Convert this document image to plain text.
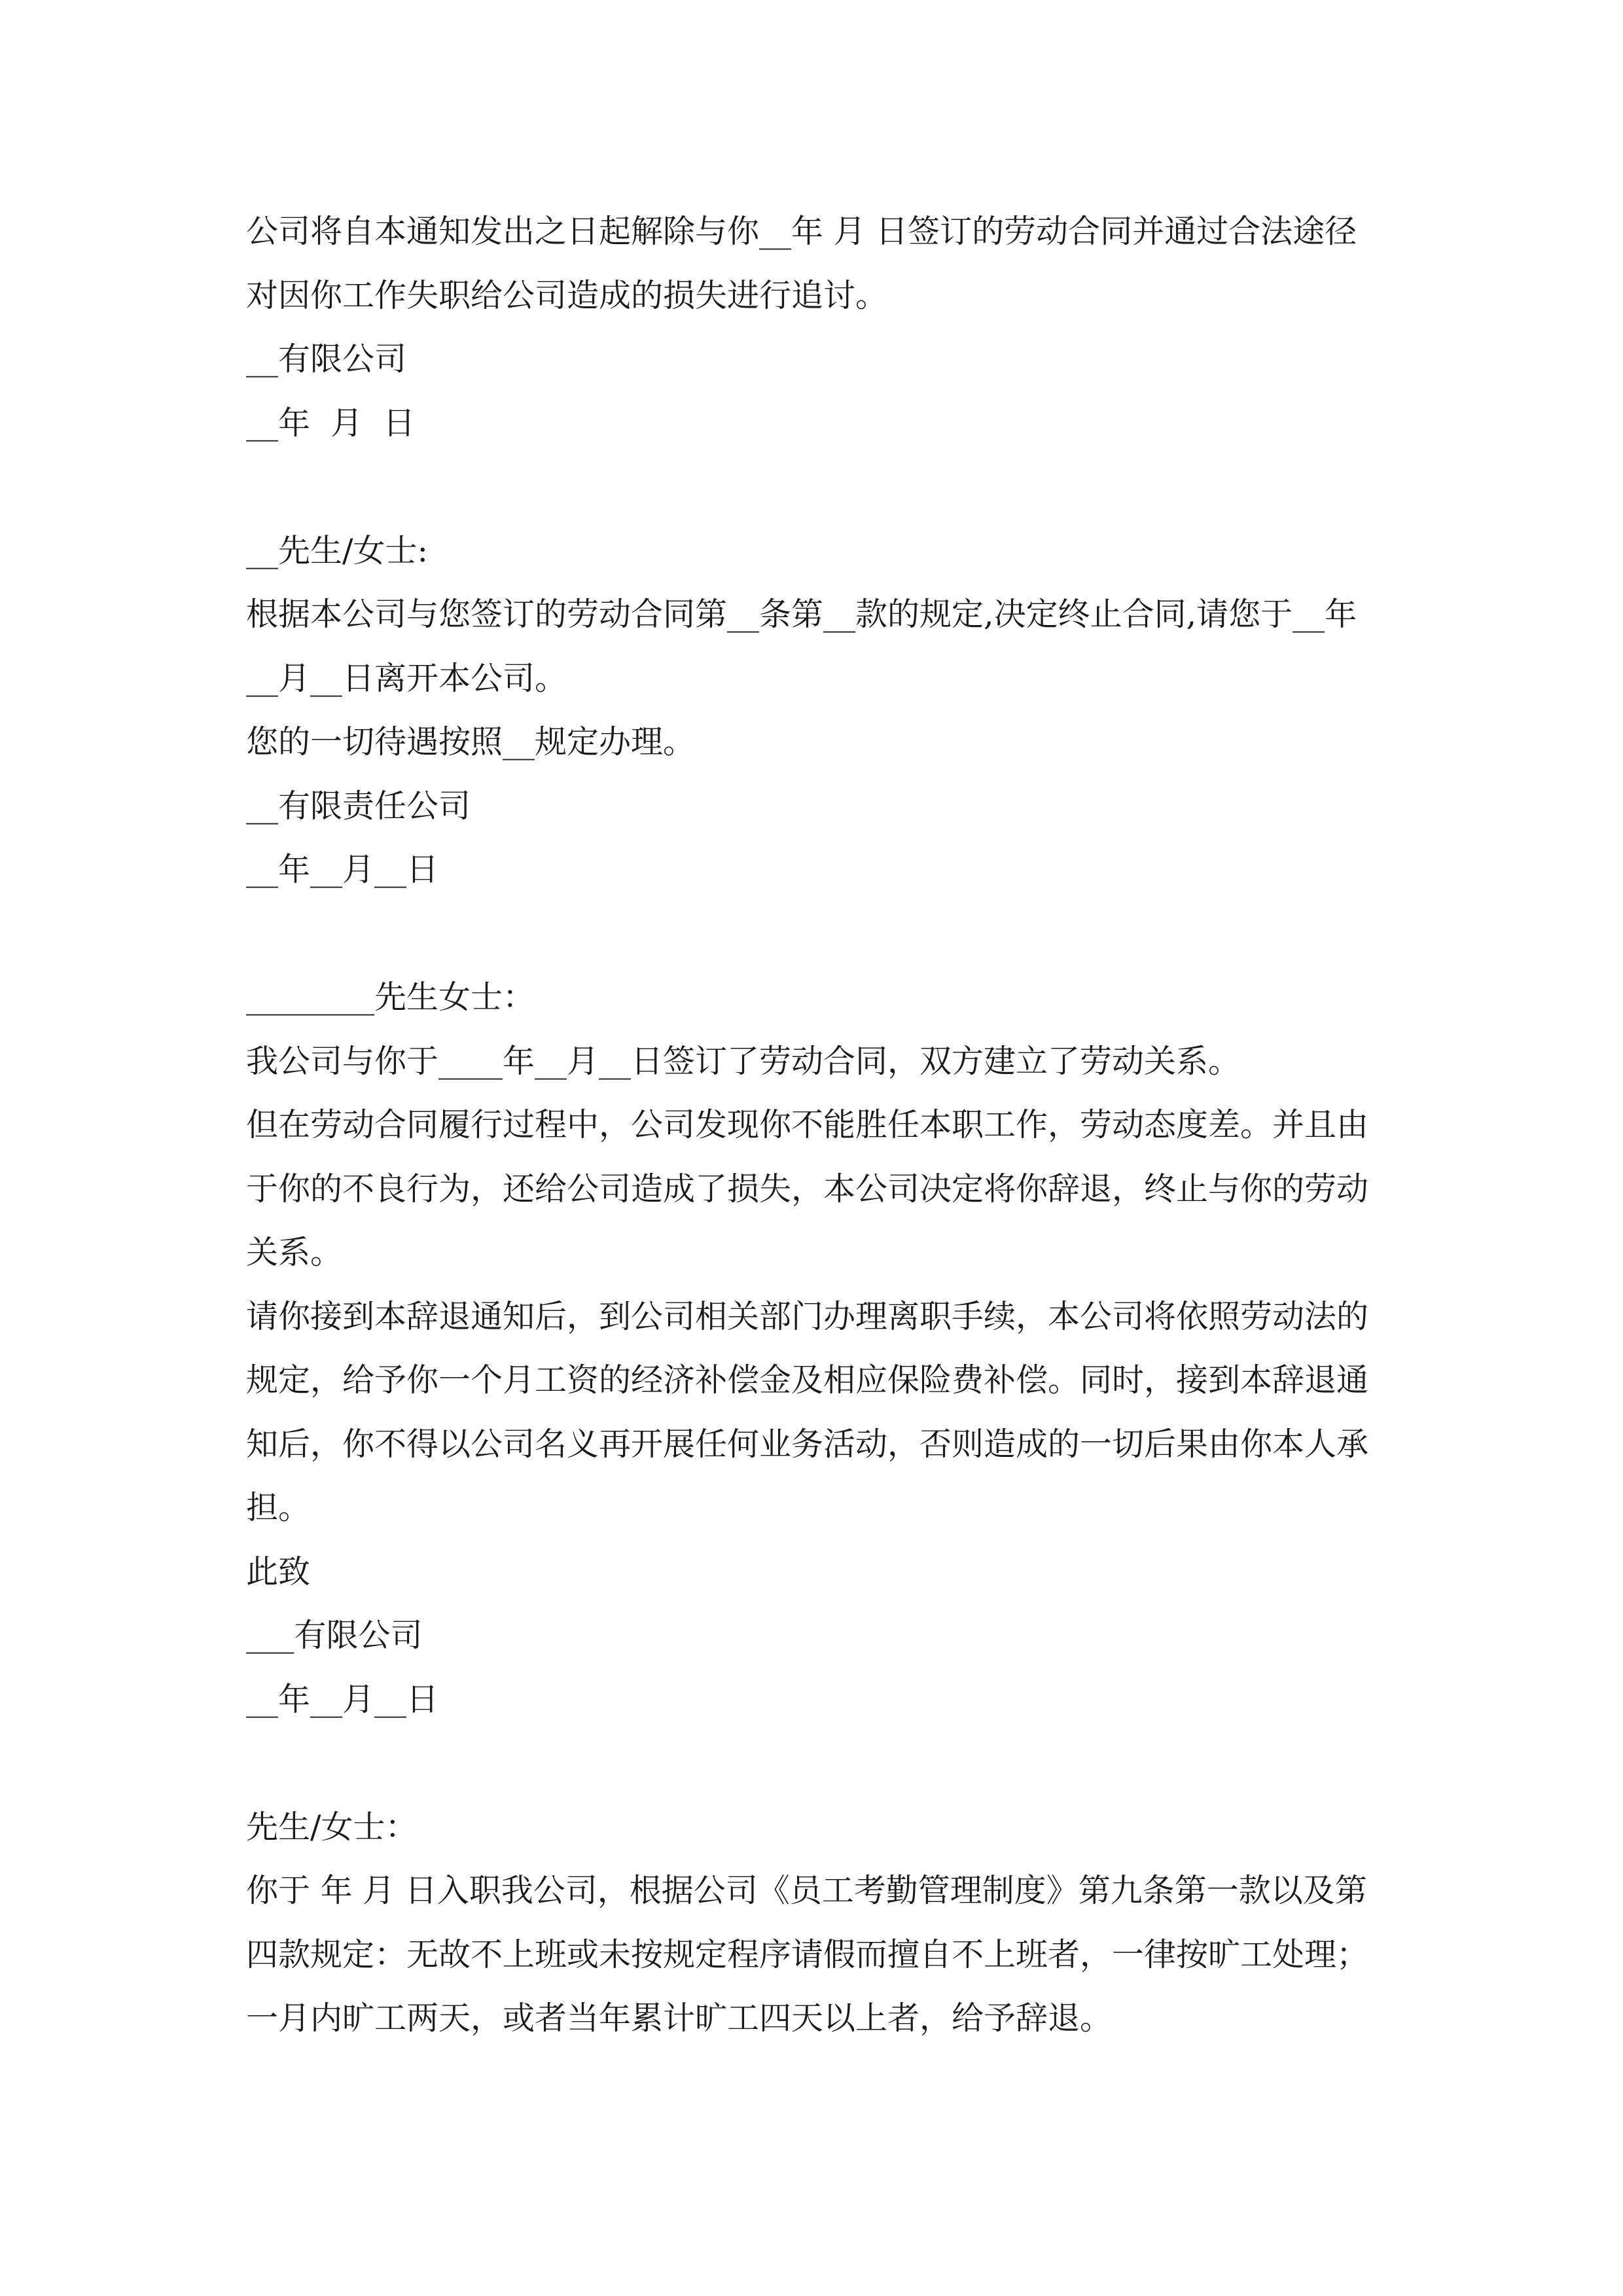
公司将自本通知发出之日起解除与你__年 月 日签订的劳动合同并通过合法途径
对因你工作失职给公司造成的损失进行追讨。
__有限公司
__年  月  日
__先生/女士:
根据本公司与您签订的劳动合同第__条第__款的规定,决定终止合同,请您于__年
__月__日离开本公司。
您的一切待遇按照__规定办理。
__有限责任公司
__年__月__日
________先生女士：
我公司与你于____年__月__日签订了劳动合同，双方建立了劳动关系。
但在劳动合同履行过程中，公司发现你不能胜任本职工作，劳动态度差。并且由
于你的不良行为，还给公司造成了损失，本公司决定将你辞退，终止与你的劳动
关系。
请你接到本辞退通知后，到公司相关部门办理离职手续，本公司将依照劳动法的
规定，给予你一个月工资的经济补偿金及相应保险费补偿。同时，接到本辞退通
知后，你不得以公司名义再开展任何业务活动，否则造成的一切后果由你本人承
担。
此致
___有限公司
__年__月__日
先生/女士：
你于 年 月 日入职我公司，根据公司《员工考勤管理制度》第九条第一款以及第
四款规定：无故不上班或未按规定程序请假而擅自不上班者，一律按旷工处理；
一月内旷工两天，或者当年累计旷工四天以上者，给予辞退。
